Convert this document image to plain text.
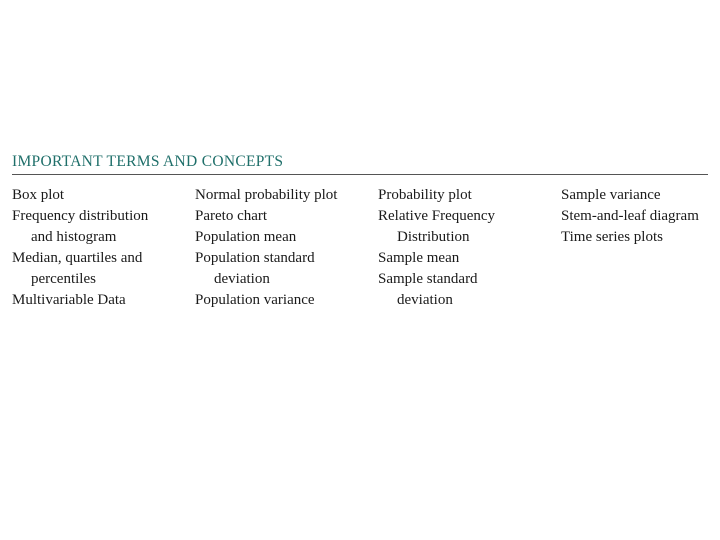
IMPORTANT TERMS AND CONCEPTS
Box plot
Frequency distribution
and histogram
Median, quartiles and
percentiles
Multivariable Data
Normal probability plot
Pareto chart
Population mean
Population standard
deviation
Population variance
Probability plot
Relative Frequency
Distribution
Sample mean
Sample standard
deviation
Sample variance
Stem-and-leaf diagram
Time series plots
